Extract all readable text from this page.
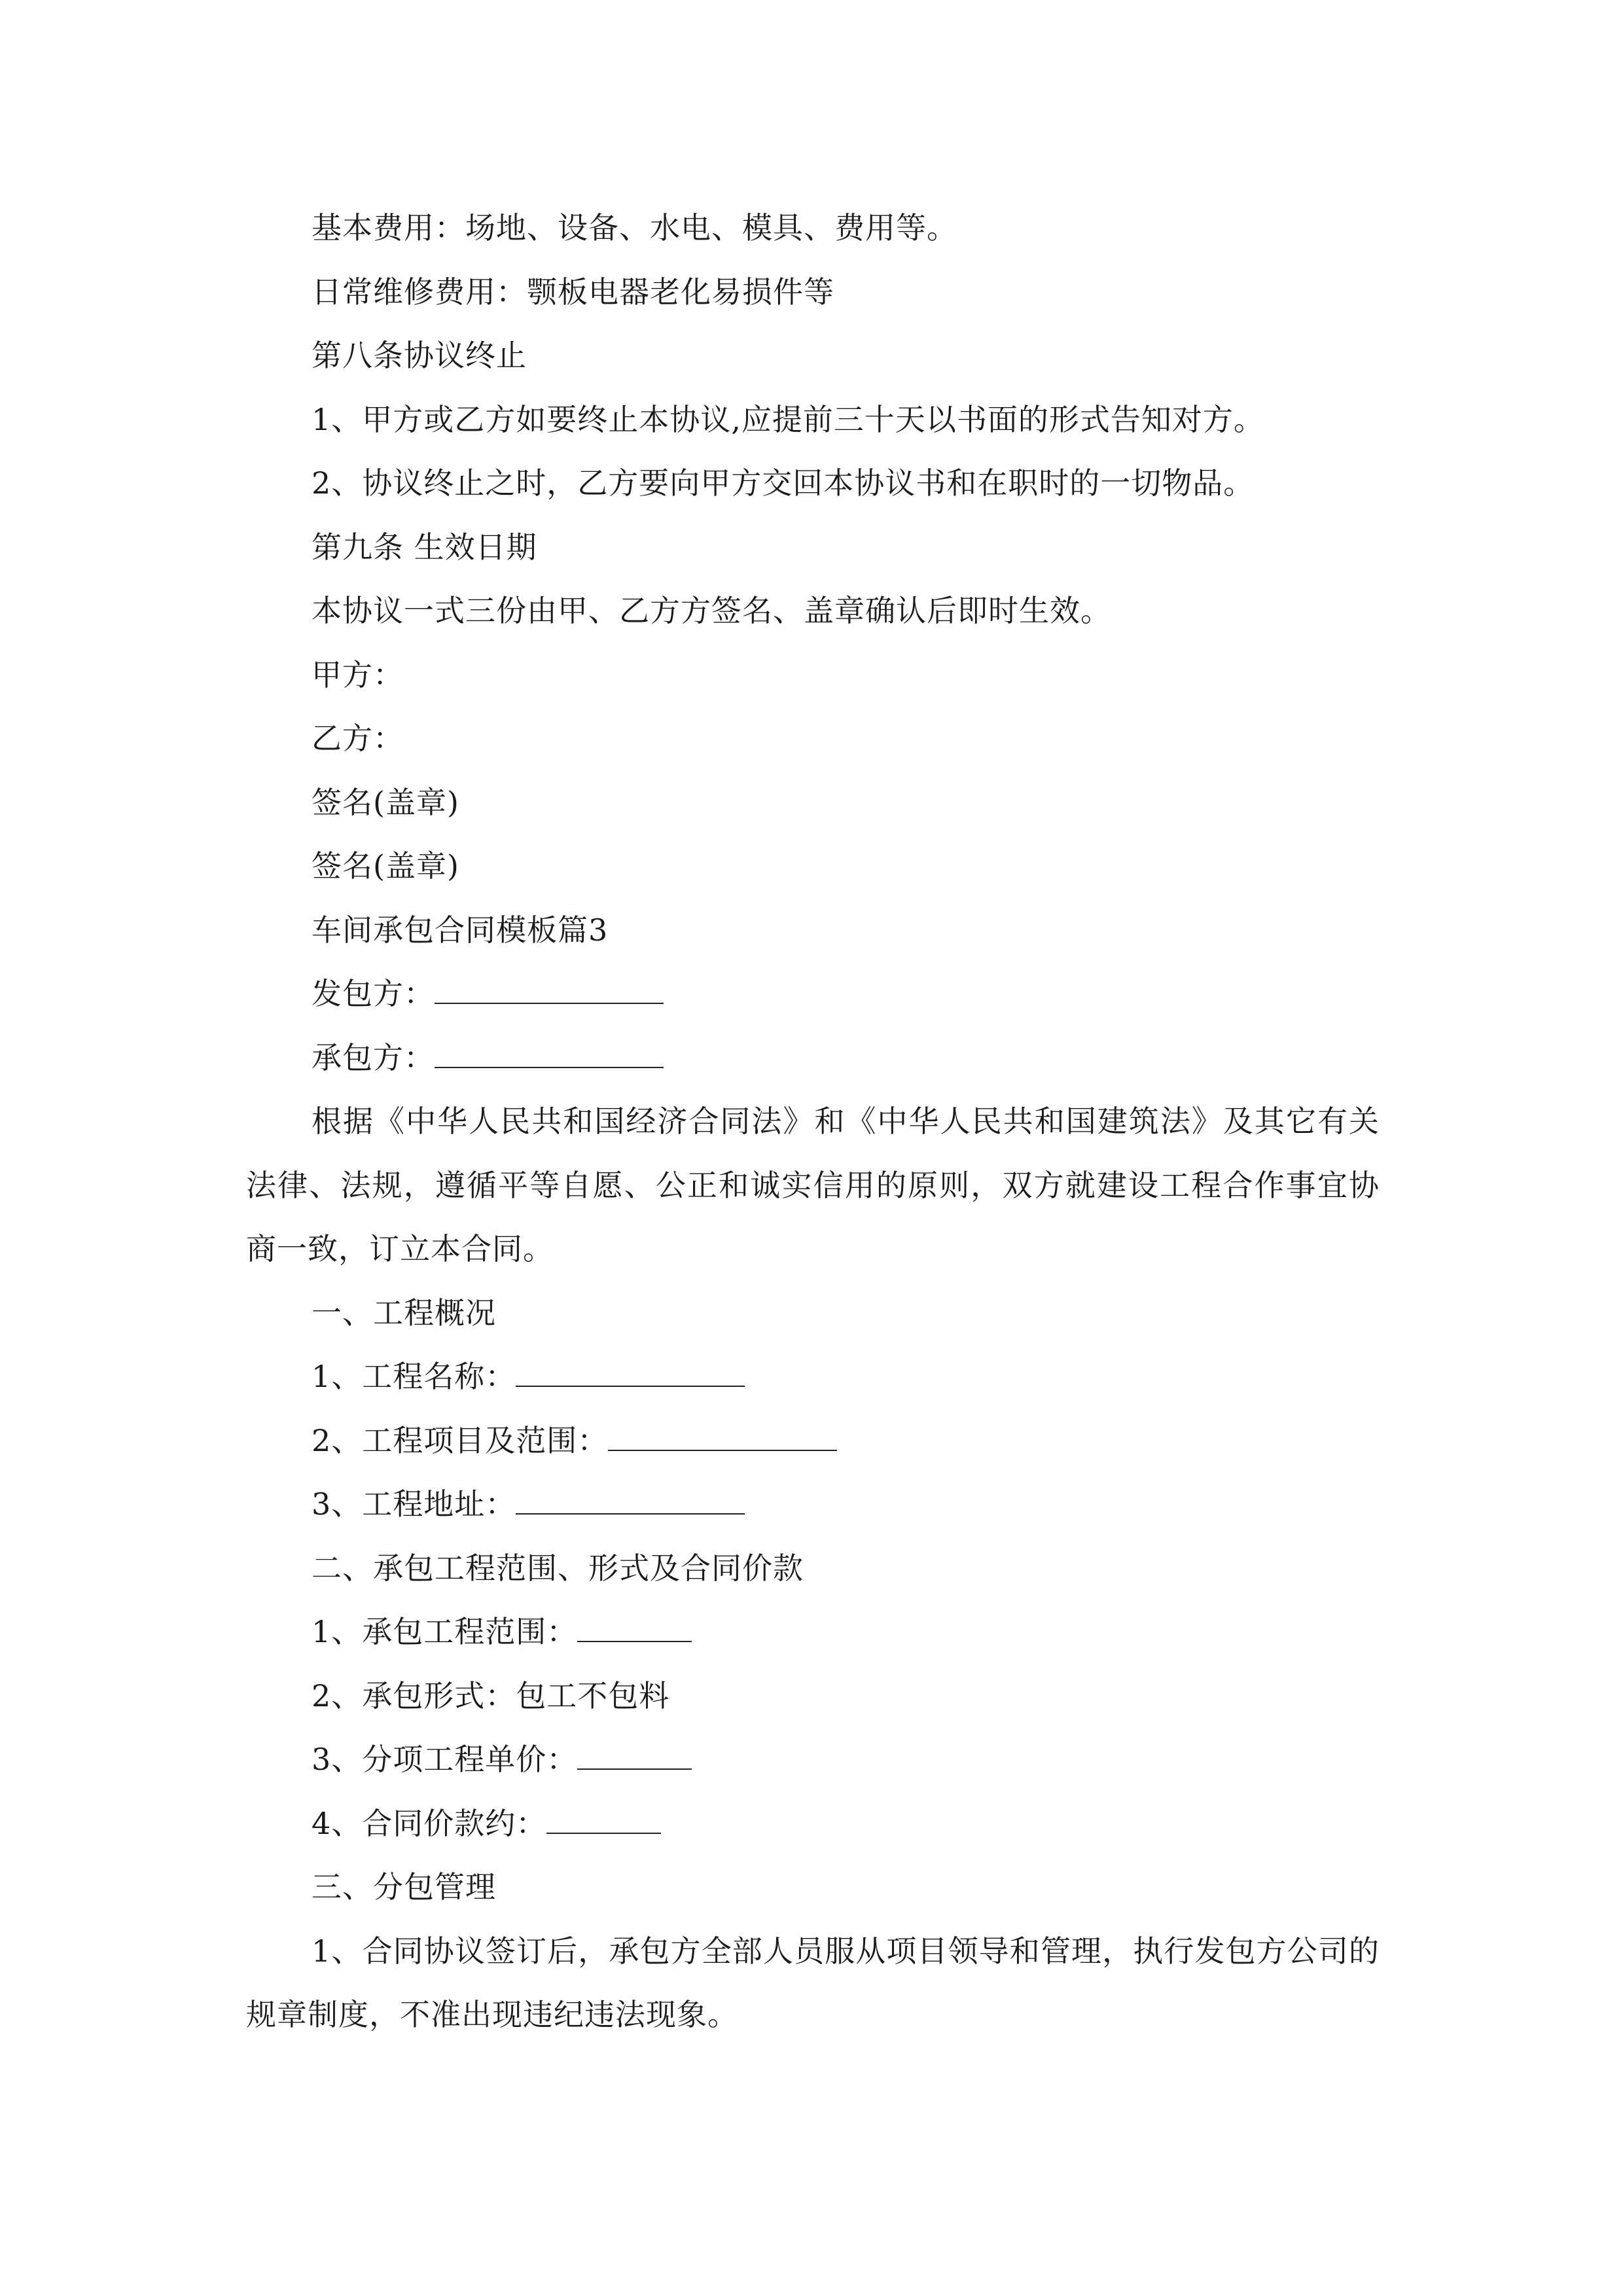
基本费用：场地、设备、水电、模具、费用等。
日常维修费用：颚板电器老化易损件等
第八条协议终止
1、甲方或乙方如要终止本协议,应提前三十天以书面的形式告知对方。
2、协议终止之时，乙方要向甲方交回本协议书和在职时的一切物品。
第九条 生效日期
本协议一式三份由甲、乙方方签名、盖章确认后即时生效。
甲方：
乙方：
签名(盖章)
签名(盖章)
车间承包合同模板篇3
发包方：
承包方：

根据《中华人民共和国经济合同法》和《中华人民共和国建筑法》及其它有关法律、法规，遵循平等自愿、公正和诚实信用的原则，双方就建设工程合作事宜协商一致，订立本合同。

一、工程概况
1、工程名称：
2、工程项目及范围：
3、工程地址：
二、承包工程范围、形式及合同价款
1、承包工程范围：
2、承包形式：包工不包料
3、分项工程单价：
4、合同价款约：
三、分包管理

1、合同协议签订后，承包方全部人员服从项目领导和管理，执行发包方公司的规章制度，不准出现违纪违法现象。
